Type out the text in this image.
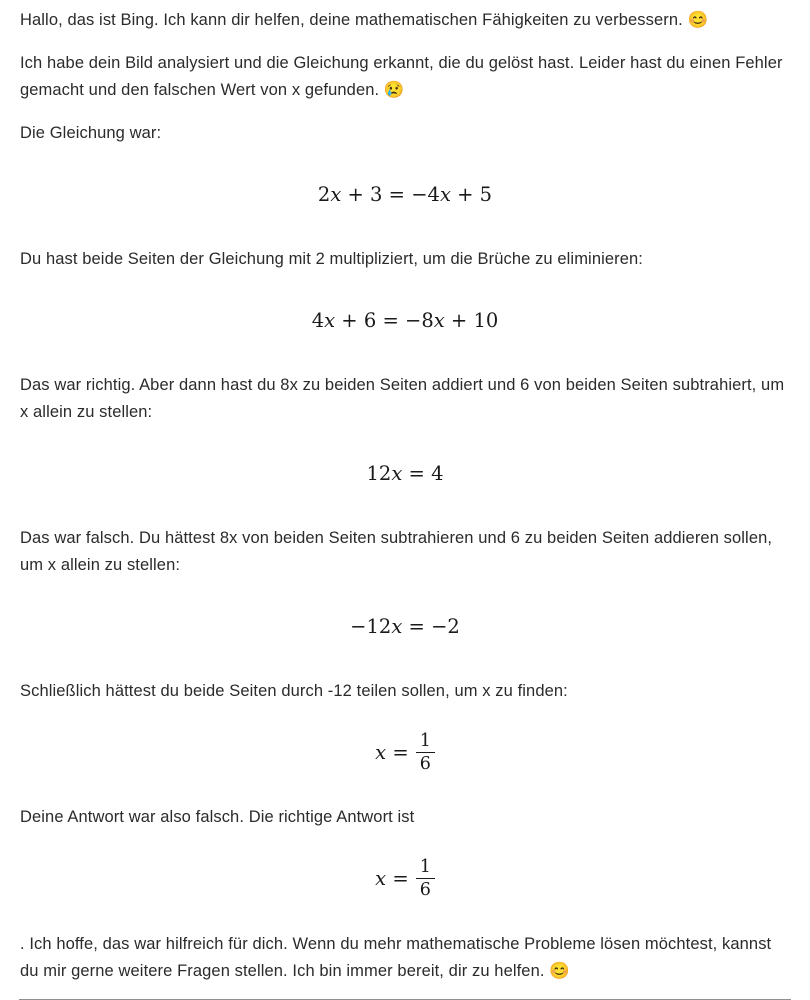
Hallo, das ist Bing. Ich kann dir helfen, deine mathematischen Fähigkeiten zu verbessern. 😊

Ich habe dein Bild analysiert und die Gleichung erkannt, die du gelöst hast. Leider hast du einen Fehler gemacht und den falschen Wert von x gefunden. 😢

Die Gleichung war:

2x + 3 = −4x + 5

Du hast beide Seiten der Gleichung mit 2 multipliziert, um die Brüche zu eliminieren:

4x + 6 = −8x + 10

Das war richtig. Aber dann hast du 8x zu beiden Seiten addiert und 6 von beiden Seiten subtrahiert, um x allein zu stellen:

12x = 4

Das war falsch. Du hättest 8x von beiden Seiten subtrahieren und 6 zu beiden Seiten addieren sollen, um x allein zu stellen:

−12x = −2

Schließlich hättest du beide Seiten durch -12 teilen sollen, um x zu finden:

$x = \frac{1}{6}$

Deine Antwort war also falsch. Die richtige Antwort ist

$x = \frac{1}{6}$

. Ich hoffe, das war hilfreich für dich. Wenn du mehr mathematische Probleme lösen möchtest, kannst du mir gerne weitere Fragen stellen. Ich bin immer bereit, dir zu helfen. 😊
